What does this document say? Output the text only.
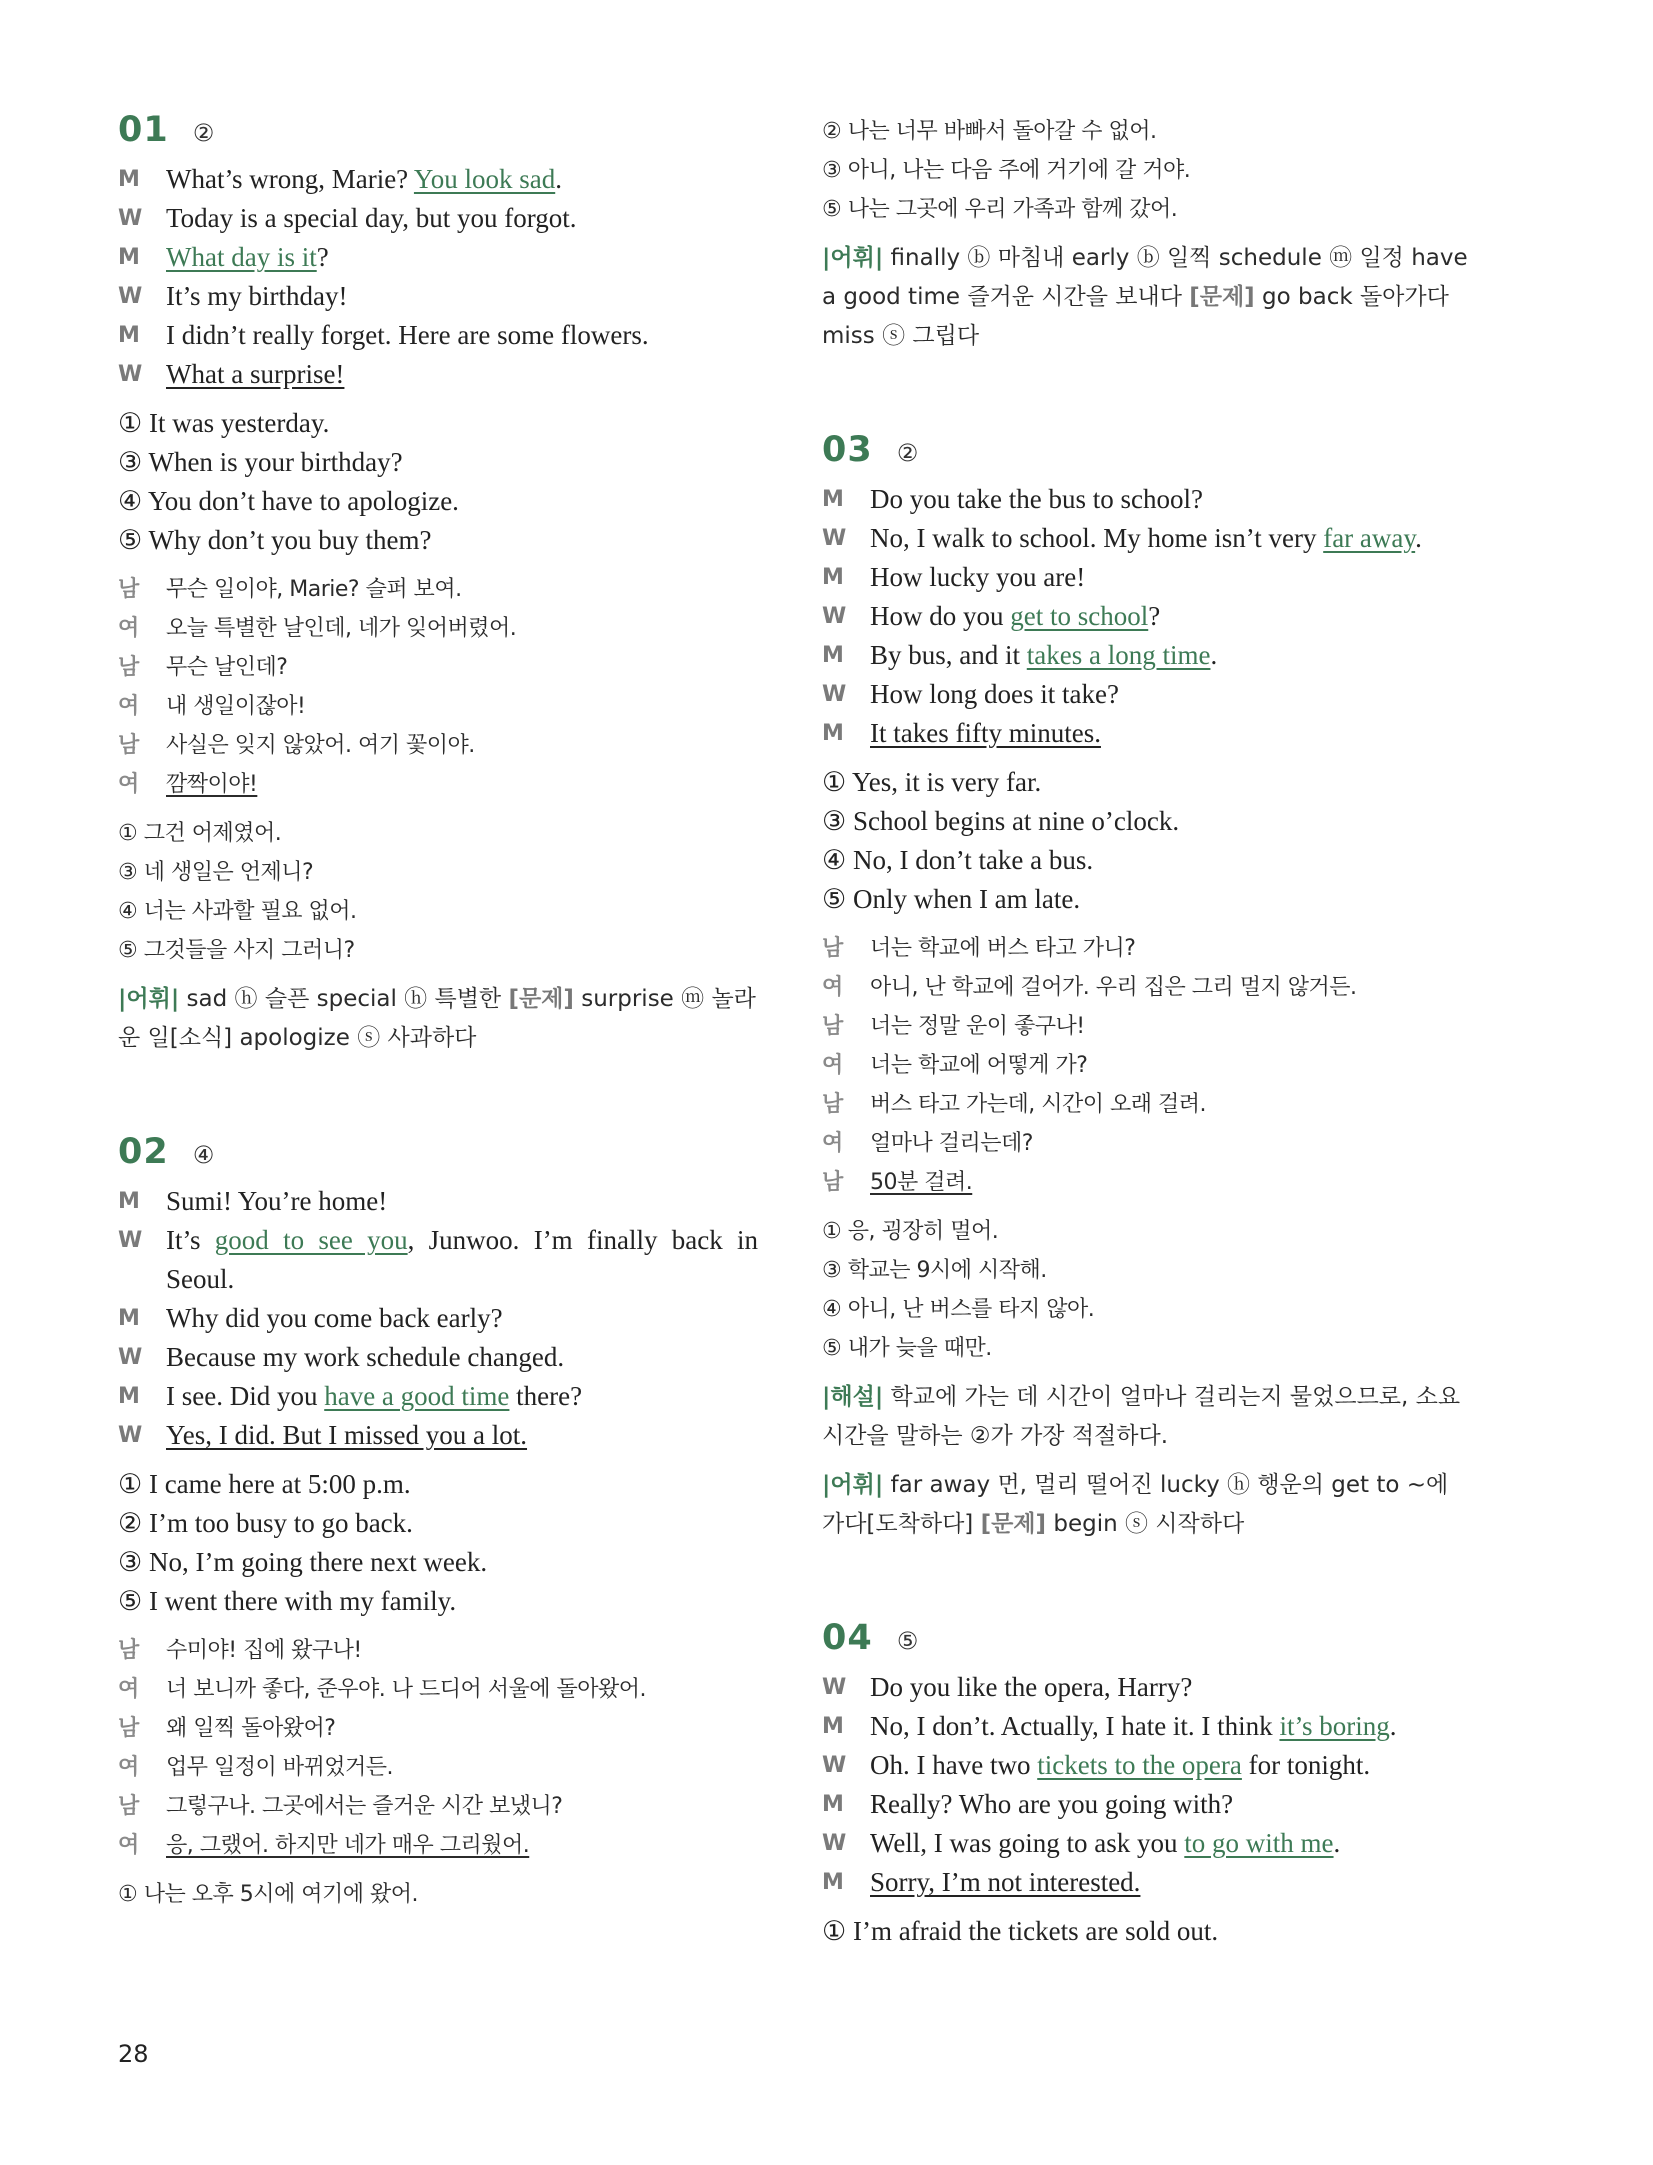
01 ②
M What’s wrong, Marie? You look sad.
W Today is a special day, but you forgot.
M What day is it?
W It’s my birthday!
M I didn’t really forget. Here are some flowers.
W What a surprise!
① It was yesterday.
③ When is your birthday?
④ You don’t have to apologize.
⑤ Why don’t you buy them?
남	무슨 일이야, Marie? 슬퍼 보여.
여	오늘 특별한 날인데, 네가 잊어버렸어.
남	무슨 날인데?
여	내 생일이잖아!
남	사실은 잊지 않았어. 여기 꽃이야.
여	깜짝이야!
① 그건 어제였어.
③ 네 생일은 언제니?
④ 너는 사과할 필요 없어.
⑤ 그것들을 사지 그러니?
|어휘| sad ⓗ 슬픈 special ⓗ 특별한 [문제] surprise ⓜ 놀라운 일[소식] apologize ⓢ 사과하다
02 ④
M Sumi! You’re home!
W It’s good to see you, Junwoo. I’m finally back in Seoul.
M Why did you come back early?
W Because my work schedule changed.
M I see. Did you have a good time there?
W Yes, I did. But I missed you a lot.
① I came here at 5:00 p.m.
② I’m too busy to go back.
③ No, I’m going there next week.
⑤ I went there with my family.
남	수미야! 집에 왔구나!
여	너 보니까 좋다, 준우야. 나 드디어 서울에 돌아왔어.
남	왜 일찍 돌아왔어?
여	업무 일정이 바뀌었거든.
남	그렇구나. 그곳에서는 즐거운 시간 보냈니?
여	응, 그랬어. 하지만 네가 매우 그리웠어.
① 나는 오후 5시에 여기에 왔어.
② 나는 너무 바빠서 돌아갈 수 없어.
③ 아니, 나는 다음 주에 거기에 갈 거야.
⑤ 나는 그곳에 우리 가족과 함께 갔어.
|어휘| finally ⓑ 마침내 early ⓑ 일찍 schedule ⓜ 일정 have a good time 즐거운 시간을 보내다 [문제] go back 돌아가다 miss ⓢ 그립다
03 ②
M Do you take the bus to school?
W No, I walk to school. My home isn’t very far away.
M How lucky you are!
W How do you get to school?
M By bus, and it takes a long time.
W How long does it take?
M It takes fifty minutes.
① Yes, it is very far.
③ School begins at nine o’clock.
④ No, I don’t take a bus.
⑤ Only when I am late.
남	너는 학교에 버스 타고 가니?
여	아니, 난 학교에 걸어가. 우리 집은 그리 멀지 않거든.
남	너는 정말 운이 좋구나!
여	너는 학교에 어떻게 가?
남	버스 타고 가는데, 시간이 오래 걸려.
여	얼마나 걸리는데?
남	50분 걸려.
① 응, 굉장히 멀어.
③ 학교는 9시에 시작해.
④ 아니, 난 버스를 타지 않아.
⑤ 내가 늦을 때만.
|해설| 학교에 가는 데 시간이 얼마나 걸리는지 물었으므로, 소요 시간을 말하는 ②가 가장 적절하다.
|어휘| far away 먼, 멀리 떨어진 lucky ⓗ 행운의 get to ~에 가다[도착하다] [문제] begin ⓢ 시작하다
04 ⑤
W Do you like the opera, Harry?
M No, I don’t. Actually, I hate it. I think it’s boring.
W Oh. I have two tickets to the opera for tonight.
M Really? Who are you going with?
W Well, I was going to ask you to go with me.
M Sorry, I’m not interested.
① I’m afraid the tickets are sold out.
28
